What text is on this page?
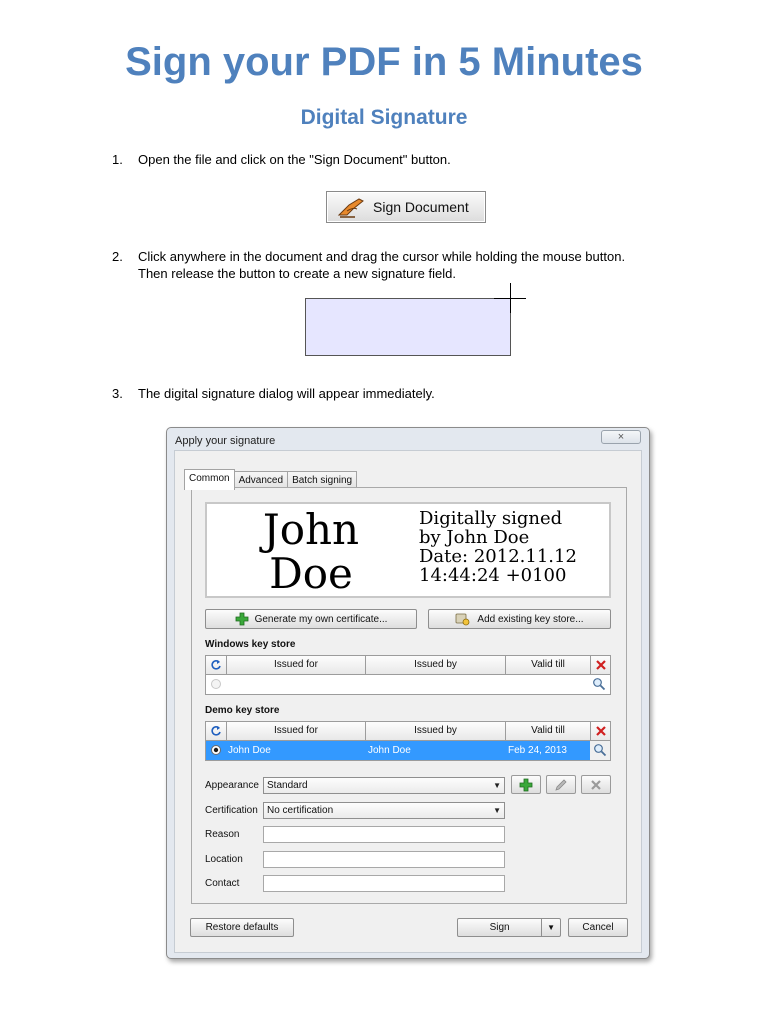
Sign your PDF in 5 Minutes
Digital Signature
1. Open the file and click on the "Sign Document" button.
Sign Document
2. Click anywhere in the document and drag the cursor while holding the mouse button.
Then release the button to create a new signature field.
3. The digital signature dialog will appear immediately.
Apply your signature	×
Common Advanced Batch signing
John
Doe
Digitally signed
by John Doe
Date: 2012.11.12
14:44:24 +0100
Generate my own certificate...	Add existing key store...
Windows key store
Issued for	Issued by	Valid till
Demo key store
Issued for	Issued by	Valid till
John Doe	John Doe	Feb 24, 2013
Appearance Standard	▼
Certification No certification	▼
Reason
Location
Contact
Restore defaults	Sign	▼	Cancel
